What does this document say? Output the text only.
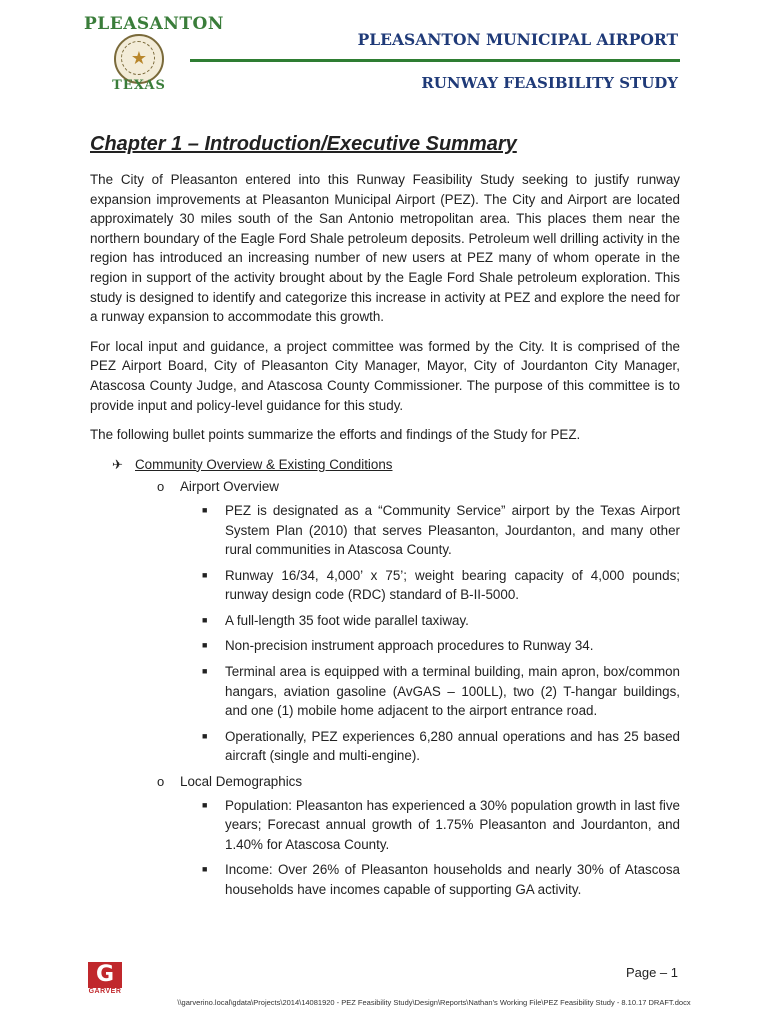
PLEASANTON
★
TEXAS
PLEASANTON MUNICIPAL AIRPORT
RUNWAY FEASIBILITY STUDY
Chapter 1 – Introduction/Executive Summary

The City of Pleasanton entered into this Runway Feasibility Study seeking to justify runway expansion improvements at Pleasanton Municipal Airport (PEZ). The City and Airport are located approximately 30 miles south of the San Antonio metropolitan area. This places them near the northern boundary of the Eagle Ford Shale petroleum deposits. Petroleum well drilling activity in the region has introduced an increasing number of new users at PEZ many of whom operate in the region in support of the activity brought about by the Eagle Ford Shale petroleum exploration. This study is designed to identify and categorize this increase in activity at PEZ and explore the need for a runway expansion to accommodate this growth.

For local input and guidance, a project committee was formed by the City. It is comprised of the PEZ Airport Board, City of Pleasanton City Manager, Mayor, City of Jourdanton City Manager, Atascosa County Judge, and Atascosa County Commissioner. The purpose of this committee is to provide input and policy-level guidance for this study.

The following bullet points summarize the efforts and findings of the Study for PEZ.

✈ Community Overview & Existing Conditions
o Airport Overview
■ PEZ is designated as a “Community Service” airport by the Texas Airport System Plan (2010) that serves Pleasanton, Jourdanton, and many other rural communities in Atascosa County.
■ Runway 16/34, 4,000’ x 75’; weight bearing capacity of 4,000 pounds; runway design code (RDC) standard of B-II-5000.
■ A full-length 35 foot wide parallel taxiway.
■ Non-precision instrument approach procedures to Runway 34.
■ Terminal area is equipped with a terminal building, main apron, box/common hangars, aviation gasoline (AvGAS – 100LL), two (2) T-hangar buildings, and one (1) mobile home adjacent to the airport entrance road.
■ Operationally, PEZ experiences 6,280 annual operations and has 25 based aircraft (single and multi-engine).
o Local Demographics
■ Population: Pleasanton has experienced a 30% population growth in last five years; Forecast annual growth of 1.75% Pleasanton and Jourdanton, and 1.40% for Atascosa County.
■ Income: Over 26% of Pleasanton households and nearly 30% of Atascosa households have incomes capable of supporting GA activity.
G
GARVER
Page – 1
\\garverino.local\gdata\Projects\2014\14081920 - PEZ Feasibility Study\Design\Reports\Nathan's Working File\PEZ Feasibility Study - 8.10.17 DRAFT.docx
